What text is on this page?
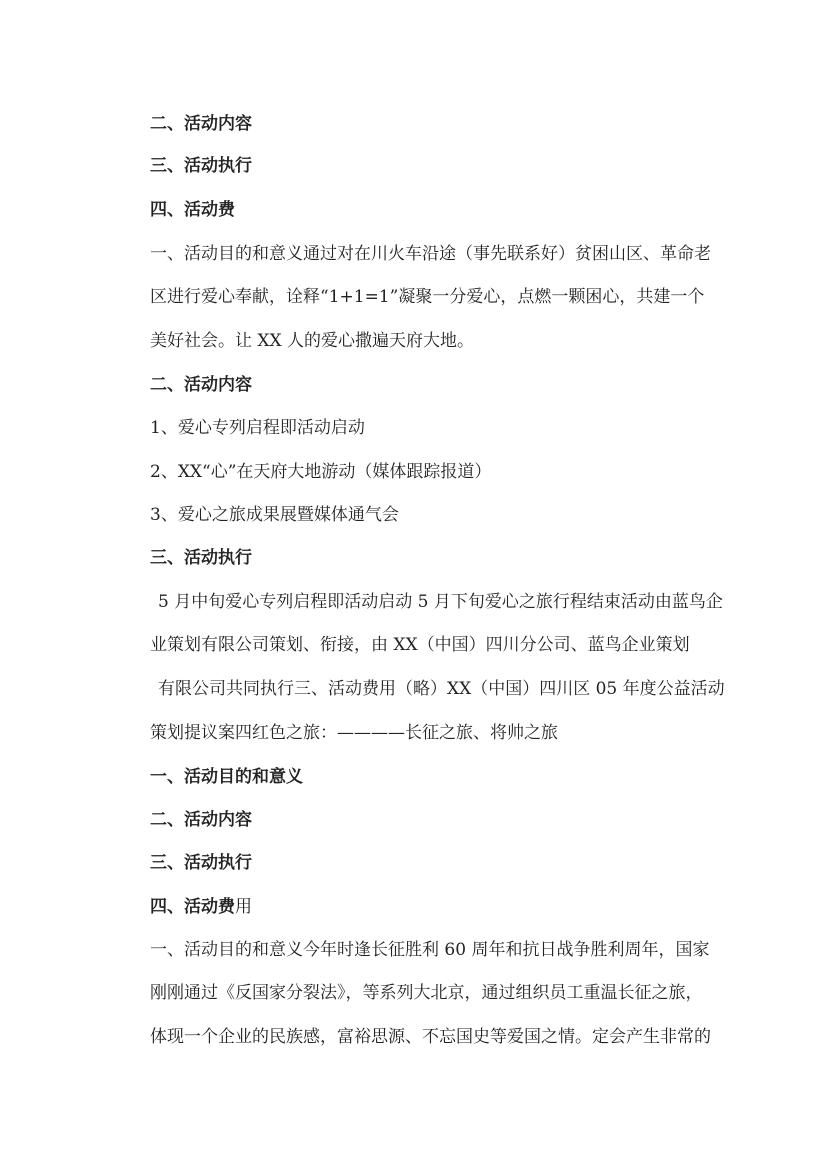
二、活动内容
三、活动执行
四、活动费
一、活动目的和意义通过对在川火车沿途（事先联系好）贫困山区、革命老
区进行爱心奉献，诠释“1+1=1”凝聚一分爱心，点燃一颗困心，共建一个
美好社会。让 XX 人的爱心撒遍天府大地。
二、活动内容
1、爱心专列启程即活动启动
2、XX“心”在天府大地游动（媒体跟踪报道）
3、爱心之旅成果展暨媒体通气会
三、活动执行
5 月中旬爱心专列启程即活动启动 5 月下旬爱心之旅行程结束活动由蓝鸟企
业策划有限公司策划、衔接，由 XX（中国）四川分公司、蓝鸟企业策划
有限公司共同执行三、活动费用（略）XX（中国）四川区 05 年度公益活动
策划提议案四红色之旅：————长征之旅、将帅之旅
一、活动目的和意义
二、活动内容
三、活动执行
四、活动费用
一、活动目的和意义今年时逢长征胜利 60 周年和抗日战争胜利周年，国家
刚刚通过《反国家分裂法》，等系列大北京，通过组织员工重温长征之旅，
体现一个企业的民族感，富裕思源、不忘国史等爱国之情。定会产生非常的
